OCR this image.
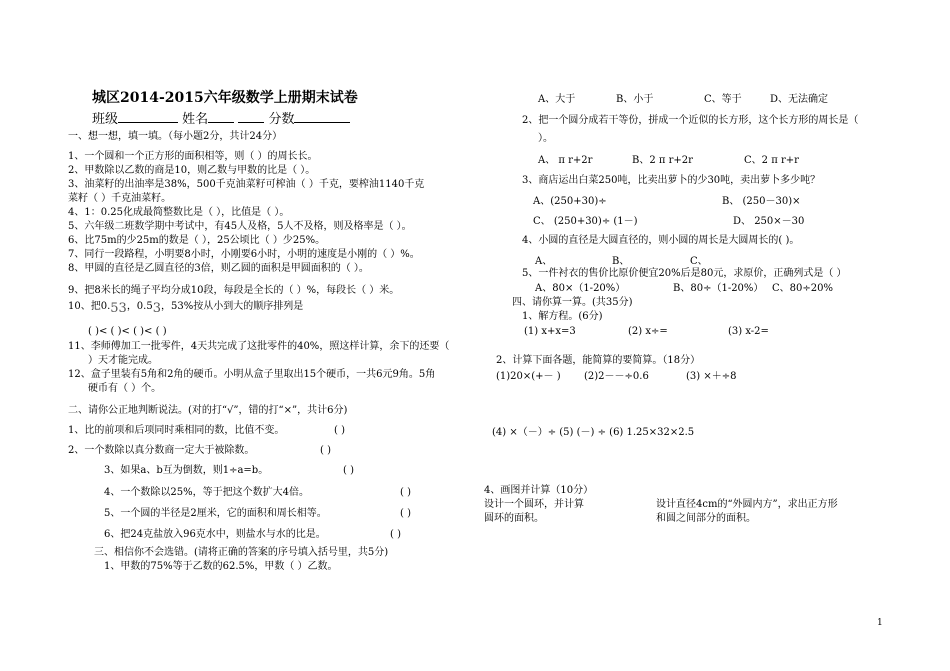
城区2014-2015六年级数学上册期末试卷
班级	姓名	分数
一、想一想，填一填。（每小题2分，共计24分）
1、一个圆和一个正方形的面积相等，则（ ）的周长长。
2、甲数除以乙数的商是10，则乙数与甲数的比是（ ）。
3、油菜籽的出油率是38%，500千克油菜籽可榨油（ ）千克，要榨油1140千克
菜籽（ ）千克油菜籽。
4、1：0.25化成最简整数比是（ ），比值是（ ）。
5、六年级二班数学期中考试中，有45人及格，5人不及格，则及格率是（ ）。
6、比75m的少25m的数是（ ），25公顷比（ ）少25%。
7、同行一段路程，小明要8小时，小刚要6小时，小明的速度是小刚的（ ）%。
8、甲圆的直径是乙圆直径的3倍，则乙圆的面积是甲圆面积的（ ）。
9、把8米长的绳子平均分成10段，每段是全长的（ ）%，每段长（ ）米。
10、把0.53，0.53，53%按从小到大的顺序排列是
( )< ( )< ( )< ( )
11、李师傅加工一批零件，4天共完成了这批零件的40%，照这样计算，余下的还要（
）天才能完成。
12、盒子里装有5角和2角的硬币。小明从盒子里取出15个硬币，一共6元9角。5角
硬币有（ ）个。
二、请你公正地判断说法。(对的打“√”，错的打“×”，共计6分)
1、比的前项和后项同时乘相同的数，比值不变。	( )
2、一个数除以真分数商一定大于被除数。	( )
3、如果a、b互为倒数，则1÷a=b。	( )
4、一个数除以25%，等于把这个数扩大4倍。	( )
5、一个圆的半径是2厘米，它的面积和周长相等。	( )
6、把24克盐放入96克水中，则盐水与水的比是。	( )
三、相信你不会选错。(请将正确的答案的序号填入括号里，共5分)
1、甲数的75%等于乙数的62.5%，甲数（ ）乙数。
A、大于	B、小于	C、等于	D、无法确定
2、把一个圆分成若干等份，拼成一个近似的长方形，这个长方形的周长是（
）。
A、 π r+2r	B、2 π r+2r	C、2 π r+r
3、商店运出白菜250吨，比卖出萝卜的少30吨，卖出萝卜多少吨？
A、(250+30)÷	B、 (250－30)×
C、 (250+30)÷ (1－)	D、 250×－30
4、小圆的直径是大圆直径的，则小圆的周长是大圆周长的( )。
A、	B、	C、
5、一件衬衣的售价比原价便宜20%后是80元，求原价，正确列式是（ ）
A、80×（1-20%）	B、80÷（1-20%） C、80÷20%
四、请你算一算。(共35分)
1、解方程。(6分)
(1) x+x=3	(2) x÷=	(3) x-2=
2、计算下面各题，能简算的要简算。（18分）
(1)20×(+－ ) (2)2－－÷0.6	(3) ×＋÷8
(4) ×（－）÷ (5) (－) ÷ (6) 1.25×32×2.5
4、画图并计算（10分）
设计一个圆环，并计算
圆环的面积。
设计直径4cm的“外圆内方”，求出正方形
和圆之间部分的面积。
1
